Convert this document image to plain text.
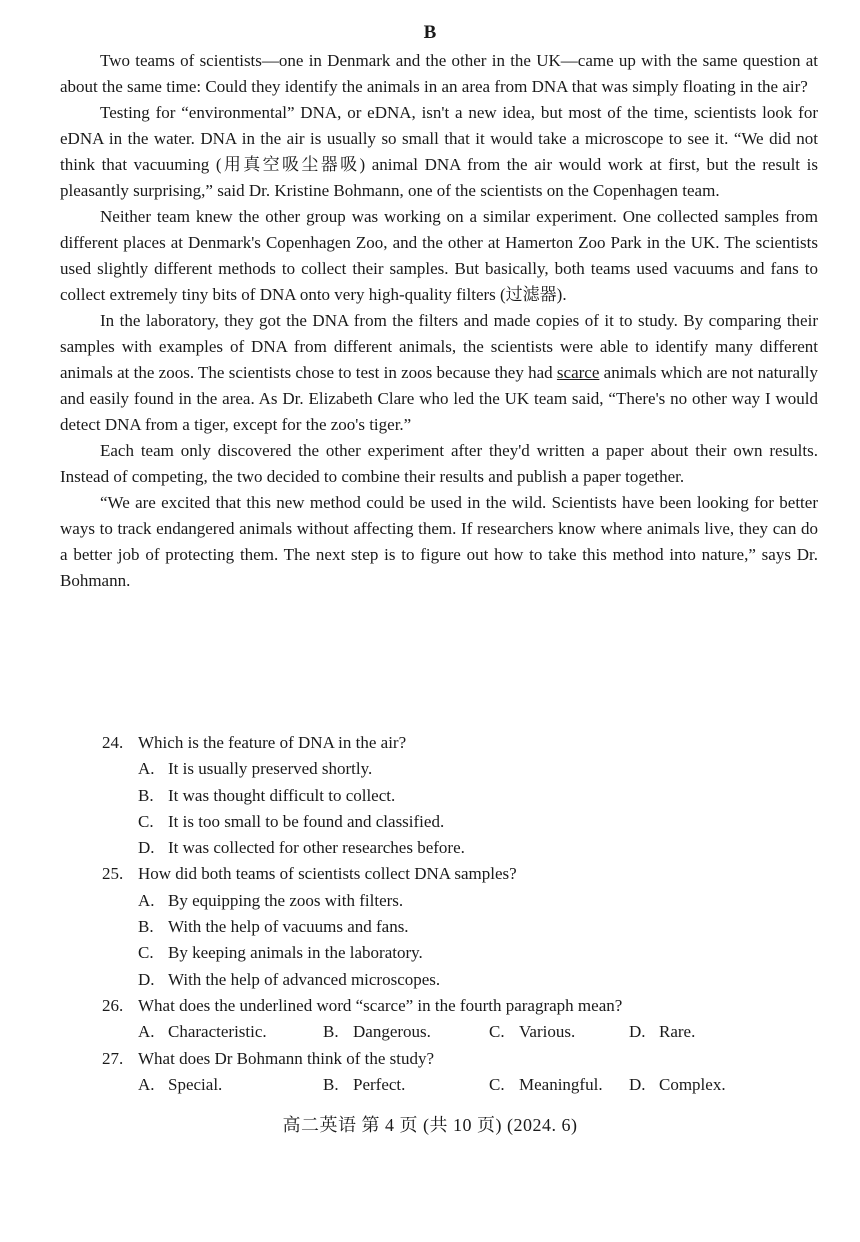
B

Two teams of scientists—one in Denmark and the other in the UK—came up with the same question at about the same time: Could they identify the animals in an area from DNA that was simply floating in the air?

Testing for “environmental” DNA, or eDNA, isn't a new idea, but most of the time, scientists look for eDNA in the water. DNA in the air is usually so small that it would take a microscope to see it. “We did not think that vacuuming (用真空吸尘器吸) animal DNA from the air would work at first, but the result is pleasantly surprising,” said Dr. Kristine Bohmann, one of the scientists on the Copenhagen team.

Neither team knew the other group was working on a similar experiment. One collected samples from different places at Denmark's Copenhagen Zoo, and the other at Hamerton Zoo Park in the UK. The scientists used slightly different methods to collect their samples. But basically, both teams used vacuums and fans to collect extremely tiny bits of DNA onto very high-quality filters (过滤器).

In the laboratory, they got the DNA from the filters and made copies of it to study. By comparing their samples with examples of DNA from different animals, the scientists were able to identify many different animals at the zoos. The scientists chose to test in zoos because they had scarce animals which are not naturally and easily found in the area. As Dr. Elizabeth Clare who led the UK team said, “There's no other way I would detect DNA from a tiger, except for the zoo's tiger.”

Each team only discovered the other experiment after they'd written a paper about their own results. Instead of competing, the two decided to combine their results and publish a paper together.

“We are excited that this new method could be used in the wild. Scientists have been looking for better ways to track endangered animals without affecting them. If researchers know where animals live, they can do a better job of protecting them. The next step is to figure out how to take this method into nature,” says Dr. Bohmann.

24. Which is the feature of DNA in the air?
A. It is usually preserved shortly.
B. It was thought difficult to collect.
C. It is too small to be found and classified.
D. It was collected for other researches before.
25. How did both teams of scientists collect DNA samples?
A. By equipping the zoos with filters.
B. With the help of vacuums and fans.
C. By keeping animals in the laboratory.
D. With the help of advanced microscopes.
26. What does the underlined word “scarce” in the fourth paragraph mean?
A. Characteristic.	B. Dangerous.	C. Various.	D. Rare.
27. What does Dr Bohmann think of the study?
A. Special.	B. Perfect.	C. Meaningful. D. Complex.
高二英语 第 4 页 (共 10 页) (2024. 6)
